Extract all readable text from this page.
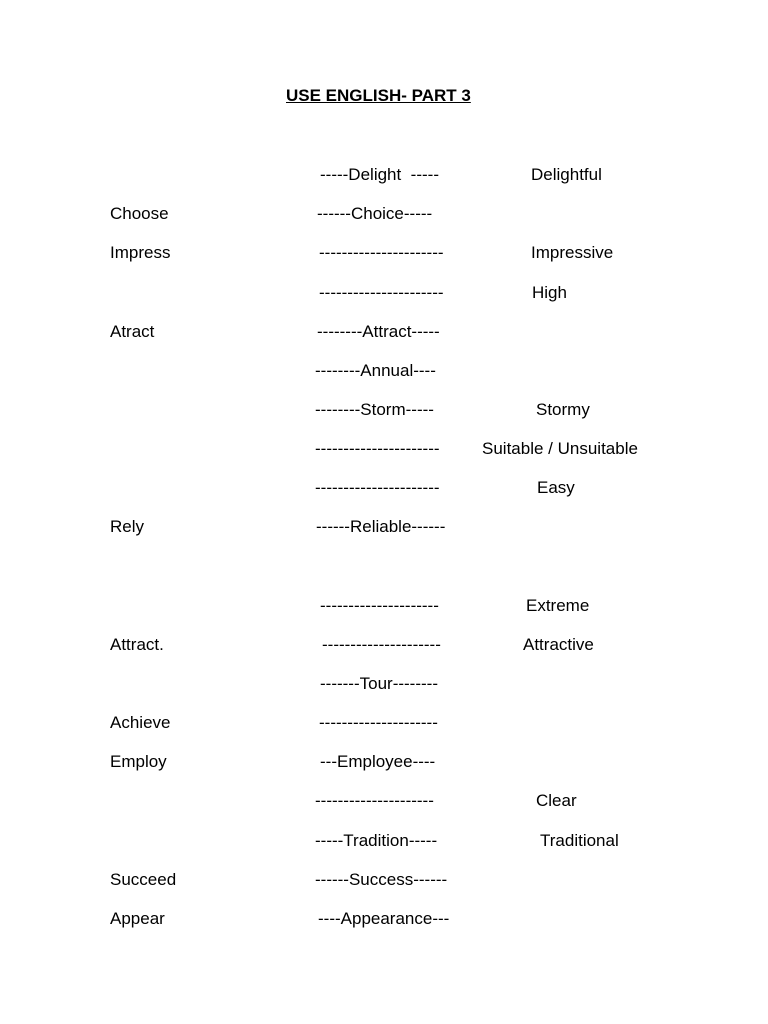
USE ENGLISH- PART 3
-----Delight  -----	Delightful
Choose	------Choice-----
Impress	----------------------	Impressive
----------------------	High
Atract	--------Attract-----
--------Annual----
--------Storm-----	Stormy
---------------------- Suitable / Unsuitable
----------------------	Easy
Rely	------Reliable------
---------------------	Extreme
Attract.	---------------------	Attractive
-------Tour--------
Achieve	---------------------
Employ	---Employee----
---------------------	Clear
-----Tradition-----	Traditional
Succeed	------Success------
Appear	----Appearance---
